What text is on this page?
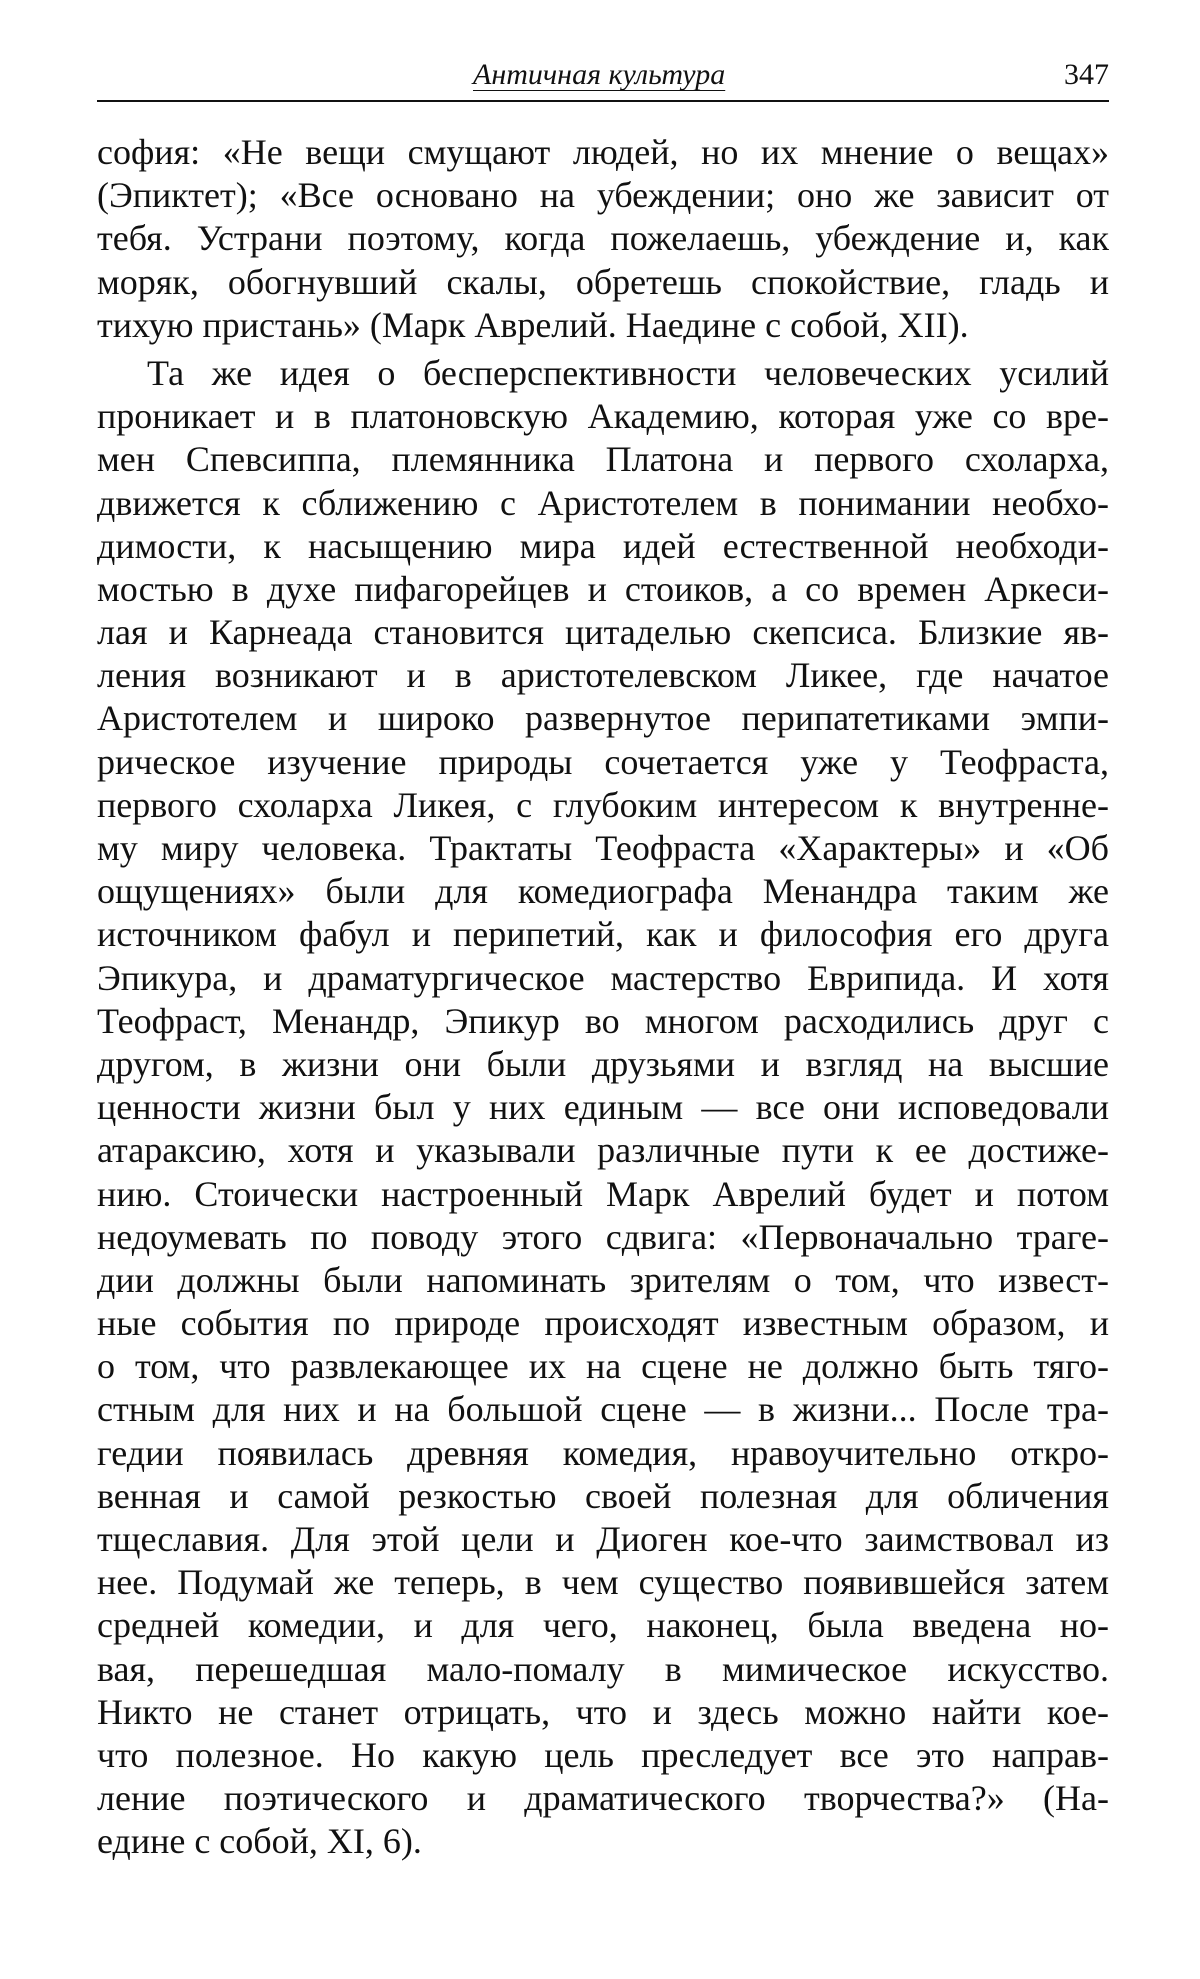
Античная культура	347
софия: «Не вещи смущают людей, но их мнение о вещах»
(Эпиктет); «Все основано на убеждении; оно же зависит от
тебя. Устрани поэтому, когда пожелаешь, убеждение и, как
моряк, обогнувший скалы, обретешь спокойствие, гладь и
тихую пристань» (Марк Аврелий. Наедине с собой, XII).
Та же идея о бесперспективности человеческих усилий
проникает и в платоновскую Академию, которая уже со вре-
мен Спевсиппа, племянника Платона и первого схоларха,
движется к сближению с Аристотелем в понимании необхо-
димости, к насыщению мира идей естественной необходи-
мостью в духе пифагорейцев и стоиков, а со времен Аркеси-
лая и Карнеада становится цитаделью скепсиса. Близкие яв-
ления возникают и в аристотелевском Ликее, где начатое
Аристотелем и широко развернутое перипатетиками эмпи-
рическое изучение природы сочетается уже у Теофраста,
первого схоларха Ликея, с глубоким интересом к внутренне-
му миру человека. Трактаты Теофраста «Характеры» и «Об
ощущениях» были для комедиографа Менандра таким же
источником фабул и перипетий, как и философия его друга
Эпикура, и драматургическое мастерство Еврипида. И хотя
Теофраст, Менандр, Эпикур во многом расходились друг с
другом, в жизни они были друзьями и взгляд на высшие
ценности жизни был у них единым — все они исповедовали
атараксию, хотя и указывали различные пути к ее достиже-
нию. Стоически настроенный Марк Аврелий будет и потом
недоумевать по поводу этого сдвига: «Первоначально траге-
дии должны были напоминать зрителям о том, что извест-
ные события по природе происходят известным образом, и
о том, что развлекающее их на сцене не должно быть тяго-
стным для них и на большой сцене — в жизни... После тра-
гедии появилась древняя комедия, нравоучительно откро-
венная и самой резкостью своей полезная для обличения
тщеславия. Для этой цели и Диоген кое-что заимствовал из
нее. Подумай же теперь, в чем существо появившейся затем
средней комедии, и для чего, наконец, была введена но-
вая, перешедшая мало-помалу в мимическое искусство.
Никто не станет отрицать, что и здесь можно найти кое-
что полезное. Но какую цель преследует все это направ-
ление поэтического и драматического творчества?» (На-
едине с собой, XI, 6).
